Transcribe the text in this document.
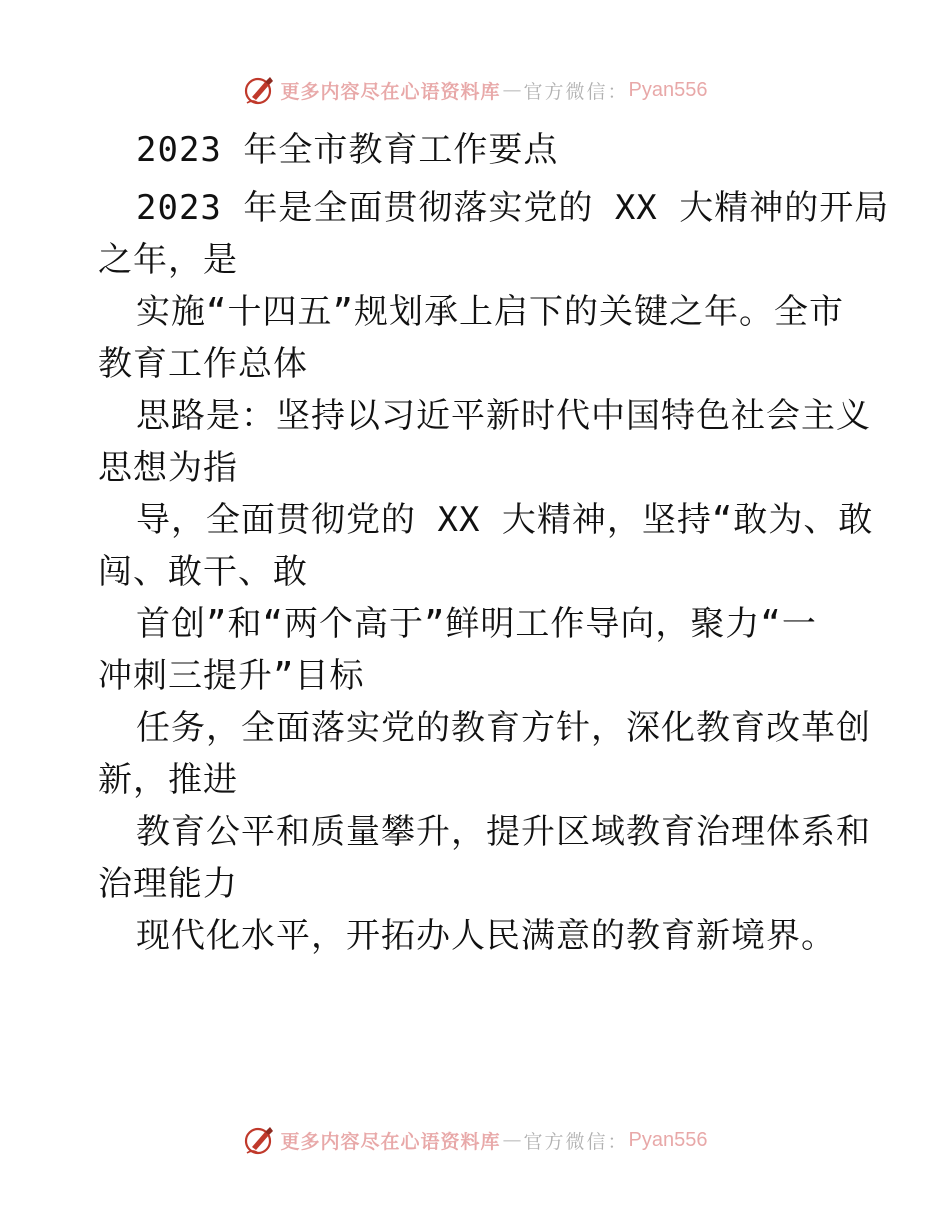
更多内容尽在心语资料库 — 官方微信： Pyan556
2023 年全市教育工作要点
2023 年是全面贯彻落实党的 XX 大精神的开局
之年，是
实施“十四五”规划承上启下的关键之年。全市
教育工作总体
思路是：坚持以习近平新时代中国特色社会主义
思想为指
导，全面贯彻党的 XX 大精神，坚持“敢为、敢
闯、敢干、敢
首创”和“两个高于”鲜明工作导向，聚力“一
冲刺三提升”目标
任务，全面落实党的教育方针，深化教育改革创
新，推进
教育公平和质量攀升，提升区域教育治理体系和
治理能力
现代化水平，开拓办人民满意的教育新境界。
更多内容尽在心语资料库 — 官方微信： Pyan556
